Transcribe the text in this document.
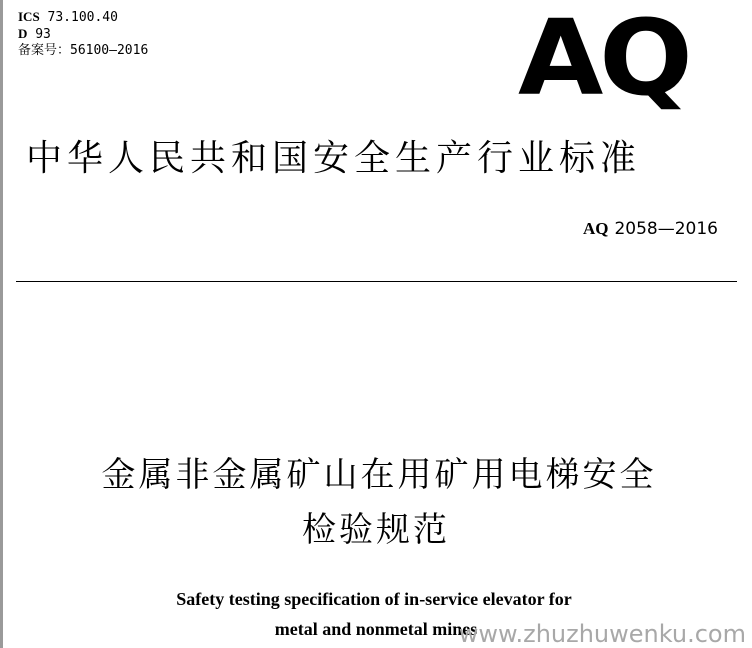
ICS 73.100.40
D 93
备案号：56100—2016	AQ
中华人民共和国安全生产行业标准
AQ 2058—2016
金属非金属矿山在用矿用电梯安全
检验规范
Safety testing specification of in-service elevator for
metal and nonmetal mines
www.zhuzhuwenku.com
